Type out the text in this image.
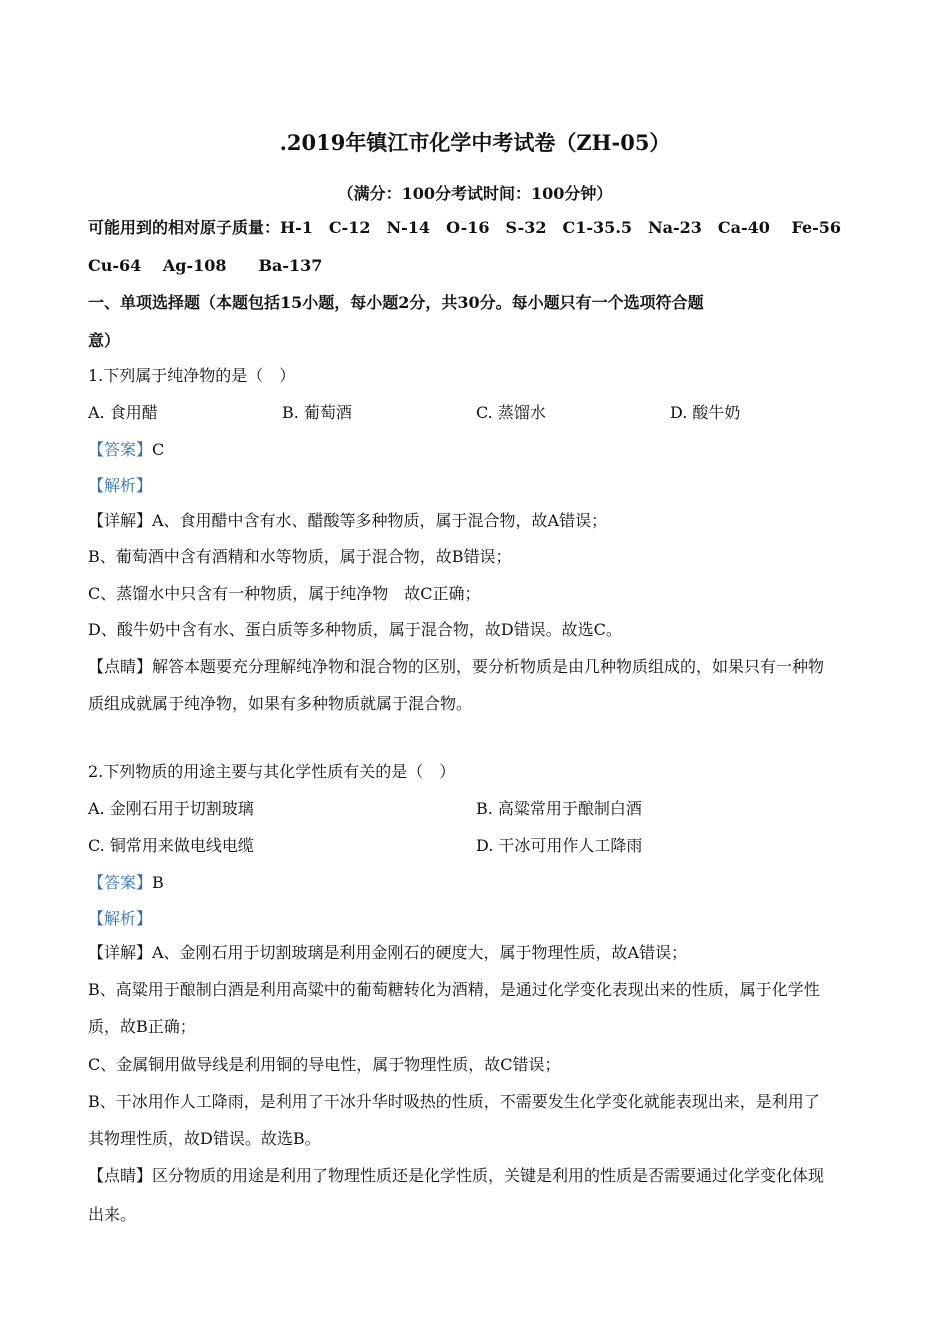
.2019年镇江市化学中考试卷（ZH-05）
（满分：100分考试时间：100分钟）
可能用到的相对原子质量：H-1　C-12　N-14　O-16　S-32　C1-35.5　Na-23　Ca-40　 Fe-56
Cu-64　 Ag-108　　Ba-137
一、单项选择题（本题包括15小题，每小题2分，共30分。每小题只有一个选项符合题
意）
1.下列属于纯净物的是（　）
A. 食用醋	B. 葡萄酒	C. 蒸馏水	D. 酸牛奶
【答案】C
【解析】
【详解】A、食用醋中含有水、醋酸等多种物质，属于混合物，故A错误；
B、葡萄酒中含有酒精和水等物质，属于混合物，故B错误；
C、蒸馏水中只含有一种物质，属于纯净物　故C正确；
D、酸牛奶中含有水、蛋白质等多种物质，属于混合物，故D错误。故选C。
【点睛】解答本题要充分理解纯净物和混合物的区别，要分析物质是由几种物质组成的，如果只有一种物
质组成就属于纯净物，如果有多种物质就属于混合物。
2.下列物质的用途主要与其化学性质有关的是（　）
A. 金刚石用于切割玻璃	B. 高粱常用于酿制白酒
C. 铜常用来做电线电缆	D. 干冰可用作人工降雨
【答案】B
【解析】
【详解】A、金刚石用于切割玻璃是利用金刚石的硬度大，属于物理性质，故A错误；
B、高粱用于酿制白酒是利用高粱中的葡萄糖转化为酒精，是通过化学变化表现出来的性质，属于化学性
质，故B正确；
C、金属铜用做导线是利用铜的导电性，属于物理性质，故C错误；
B、干冰用作人工降雨，是利用了干冰升华时吸热的性质，不需要发生化学变化就能表现出来，是利用了
其物理性质，故D错误。故选B。
【点睛】区分物质的用途是利用了物理性质还是化学性质，关键是利用的性质是否需要通过化学变化体现
出来。
